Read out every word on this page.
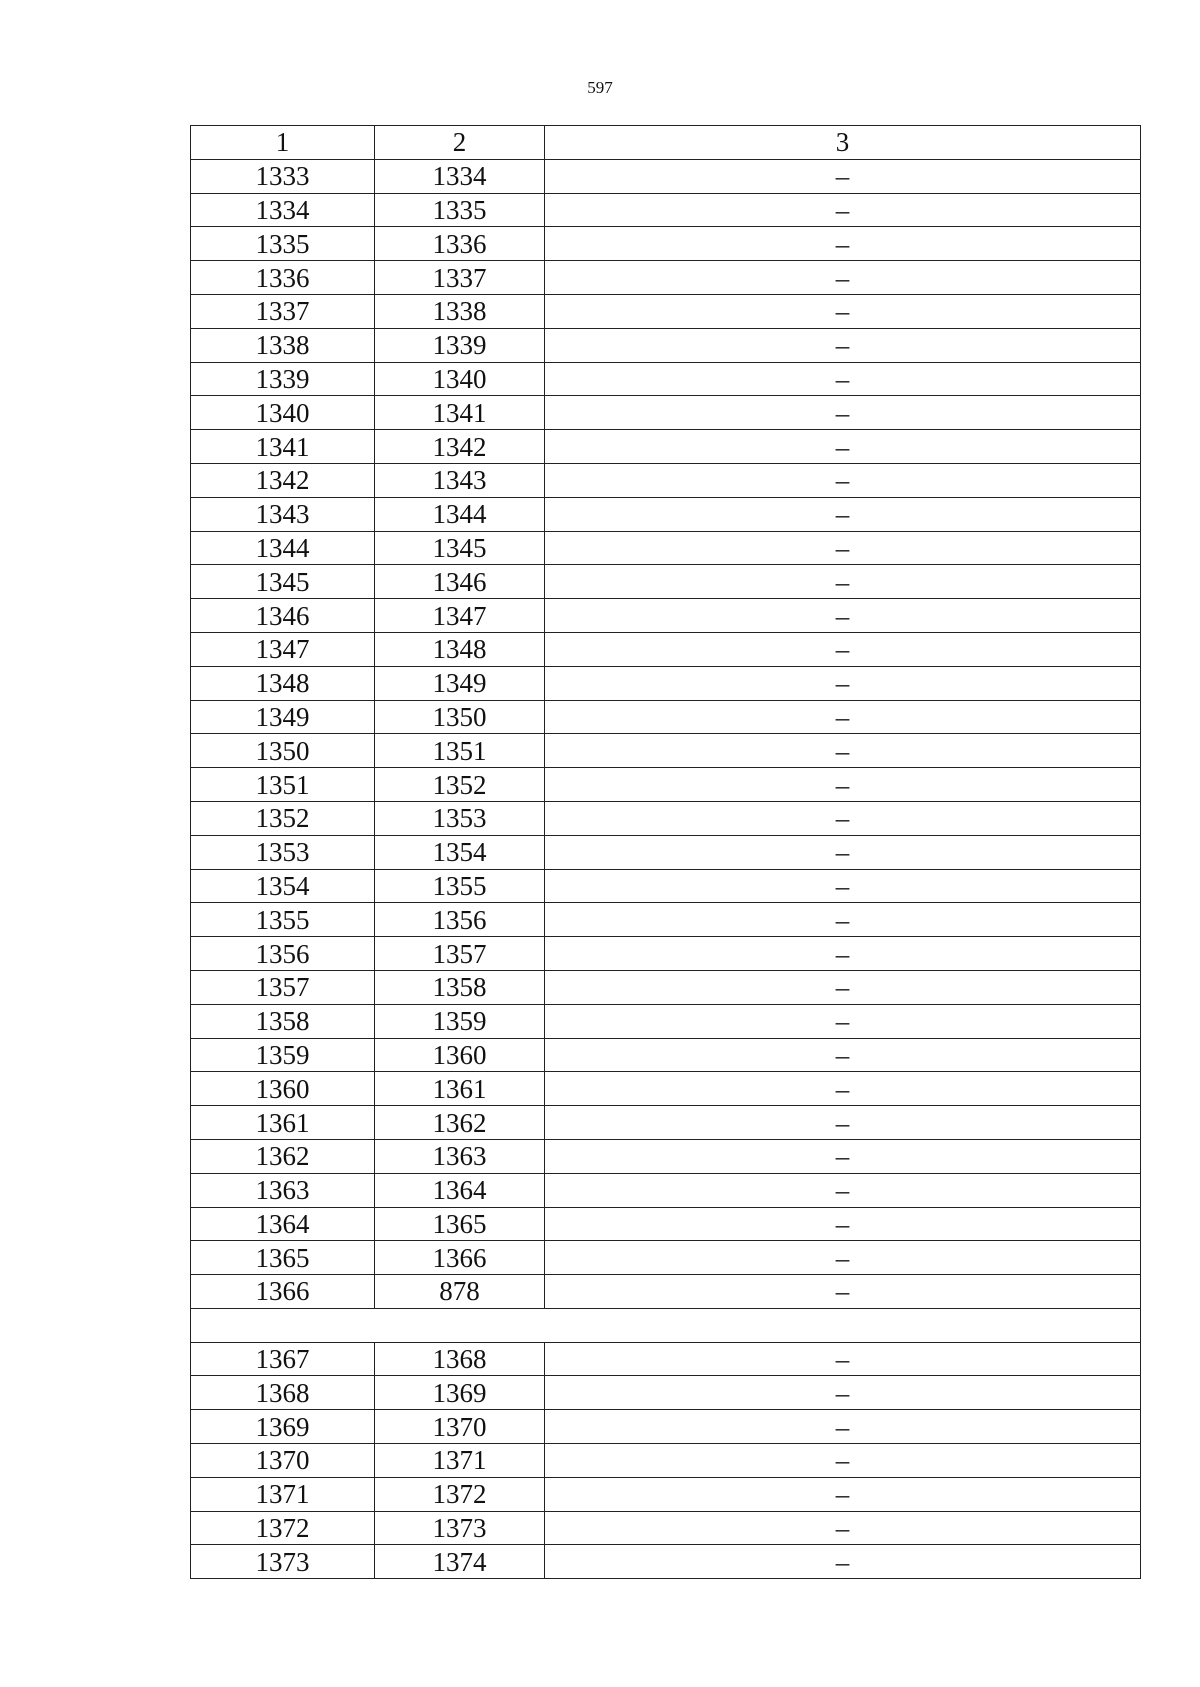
597
1	2	3
1333	1334	–
1334	1335	–
1335	1336	–
1336	1337	–
1337	1338	–
1338	1339	–
1339	1340	–
1340	1341	–
1341	1342	–
1342	1343	–
1343	1344	–
1344	1345	–
1345	1346	–
1346	1347	–
1347	1348	–
1348	1349	–
1349	1350	–
1350	1351	–
1351	1352	–
1352	1353	–
1353	1354	–
1354	1355	–
1355	1356	–
1356	1357	–
1357	1358	–
1358	1359	–
1359	1360	–
1360	1361	–
1361	1362	–
1362	1363	–
1363	1364	–
1364	1365	–
1365	1366	–
1366	878	–

1367	1368	–
1368	1369	–
1369	1370	–
1370	1371	–
1371	1372	–
1372	1373	–
1373	1374	–
